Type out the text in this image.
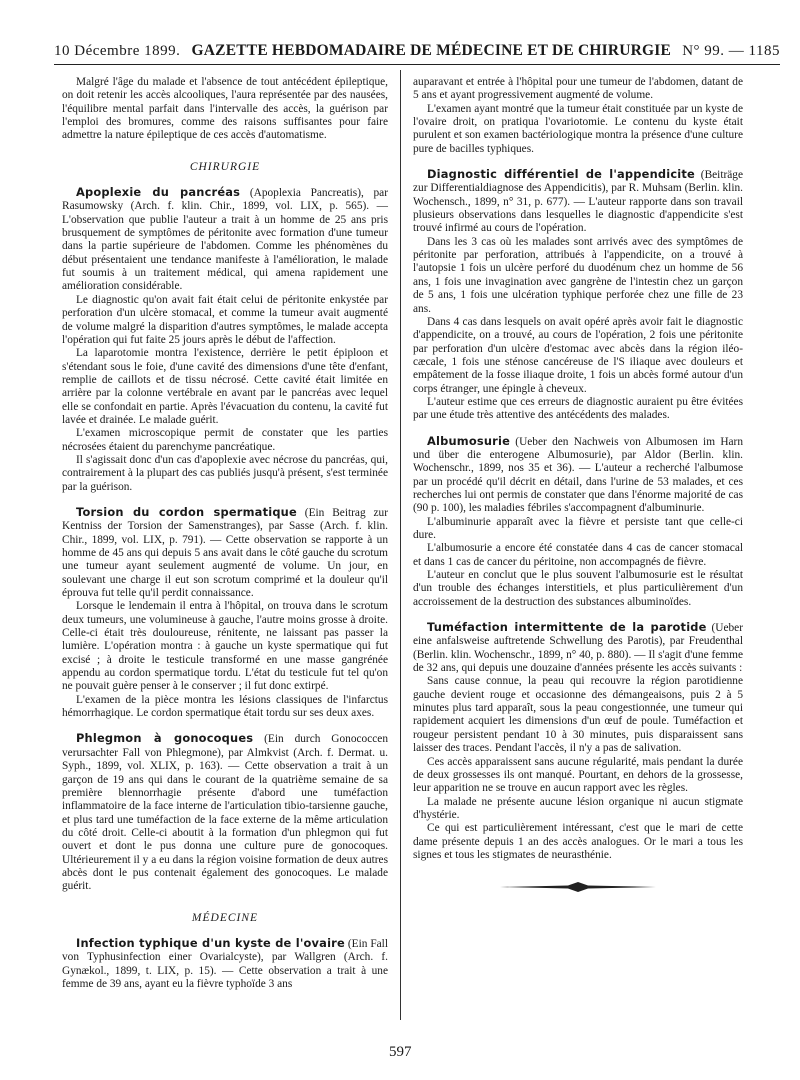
10 Décembre 1899. GAZETTE HEBDOMADAIRE DE MÉDECINE ET DE CHIRURGIE N° 99. — 1185

Malgré l'âge du malade et l'absence de tout antécédent épileptique, on doit retenir les accès alcooliques, l'aura représentée par des nausées, l'équilibre mental parfait dans l'intervalle des accès, la guérison par l'emploi des bromures, comme des raisons suffisantes pour faire admettre la nature épileptique de ces accès d'automatisme.

CHIRURGIE

Apoplexie du pancréas (Apoplexia Pancreatis), par Rasumowsky (Arch. f. klin. Chir., 1899, vol. LIX, p. 565). — L'observation que publie l'auteur a trait à un homme de 25 ans pris brusquement de symptômes de péritonite avec formation d'une tumeur dans la partie supérieure de l'abdomen. Comme les phénomènes du début présentaient une tendance manifeste à l'amélioration, le malade fut soumis à un traitement médical, qui amena rapidement une amélioration considérable.

Le diagnostic qu'on avait fait était celui de péritonite enkystée par perforation d'un ulcère stomacal, et comme la tumeur avait augmenté de volume malgré la disparition d'autres symptômes, le malade accepta l'opération qui fut faite 25 jours après le début de l'affection.

La laparotomie montra l'existence, derrière le petit épiploon et s'étendant sous le foie, d'une cavité des dimensions d'une tête d'enfant, remplie de caillots et de tissu nécrosé. Cette cavité était limitée en arrière par la colonne vertébrale en avant par le pancréas avec lequel elle se confondait en partie. Après l'évacuation du contenu, la cavité fut lavée et drainée. Le malade guérit.

L'examen microscopique permit de constater que les parties nécrosées étaient du parenchyme pancréatique.

Il s'agissait donc d'un cas d'apoplexie avec nécrose du pancréas, qui, contrairement à la plupart des cas publiés jusqu'à présent, s'est terminée par la guérison.

Torsion du cordon spermatique (Ein Beitrag zur Kentniss der Torsion der Samenstranges), par Sasse (Arch. f. klin. Chir., 1899, vol. LIX, p. 791). — Cette observation se rapporte à un homme de 45 ans qui depuis 5 ans avait dans le côté gauche du scrotum une tumeur ayant seulement augmenté de volume. Un jour, en soulevant une charge il eut son scrotum comprimé et la douleur qu'il éprouva fut telle qu'il perdit connaissance.

Lorsque le lendemain il entra à l'hôpital, on trouva dans le scrotum deux tumeurs, une volumineuse à gauche, l'autre moins grosse à droite. Celle-ci était très douloureuse, rénitente, ne laissant pas passer la lumière. L'opération montra : à gauche un kyste spermatique qui fut excisé ; à droite le testicule transformé en une masse gangrénée appendu au cordon spermatique tordu. L'état du testicule fut tel qu'on ne pouvait guère penser à le conserver ; il fut donc extirpé.

L'examen de la pièce montra les lésions classiques de l'infarctus hémorrhagique. Le cordon spermatique était tordu sur ses deux axes.

Phlegmon à gonocoques (Ein durch Gonococcen verursachter Fall von Phlegmone), par Almkvist (Arch. f. Dermat. u. Syph., 1899, vol. XLIX, p. 163). — Cette observation a trait à un garçon de 19 ans qui dans le courant de la quatrième semaine de sa première blennorrhagie présente d'abord une tuméfaction inflammatoire de la face interne de l'articulation tibio-tarsienne gauche, et plus tard une tuméfaction de la face externe de la même articulation du côté droit. Celle-ci aboutit à la formation d'un phlegmon qui fut ouvert et dont le pus donna une culture pure de gonocoques. Ultérieurement il y a eu dans la région voisine formation de deux autres abcès dont le pus contenait également des gonocoques. Le malade guérit.

MÉDECINE

Infection typhique d'un kyste de l'ovaire (Ein Fall von Typhusinfection einer Ovarialcyste), par Wallgren (Arch. f. Gynækol., 1899, t. LIX, p. 15). — Cette observation a trait à une femme de 39 ans, ayant eu la fièvre typhoïde 3 ans

auparavant et entrée à l'hôpital pour une tumeur de l'abdomen, datant de 5 ans et ayant progressivement augmenté de volume.

L'examen ayant montré que la tumeur était constituée par un kyste de l'ovaire droit, on pratiqua l'ovariotomie. Le contenu du kyste était purulent et son examen bactériologique montra la présence d'une culture pure de bacilles typhiques.

Diagnostic différentiel de l'appendicite (Beiträge zur Differentialdiagnose des Appendicitis), par R. Muhsam (Berlin. klin. Wochensch., 1899, n° 31, p. 677). — L'auteur rapporte dans son travail plusieurs observations dans lesquelles le diagnostic d'appendicite s'est trouvé infirmé au cours de l'opération.

Dans les 3 cas où les malades sont arrivés avec des symptômes de péritonite par perforation, attribués à l'appendicite, on a trouvé à l'autopsie 1 fois un ulcère perforé du duodénum chez un homme de 56 ans, 1 fois une invagination avec gangrène de l'intestin chez un garçon de 5 ans, 1 fois une ulcération typhique perforée chez une fille de 23 ans.

Dans 4 cas dans lesquels on avait opéré après avoir fait le diagnostic d'appendicite, on a trouvé, au cours de l'opération, 2 fois une péritonite par perforation d'un ulcère d'estomac avec abcès dans la région iléo-cæcale, 1 fois une sténose cancéreuse de l'S iliaque avec douleurs et empâtement de la fosse iliaque droite, 1 fois un abcès formé autour d'un corps étranger, une épingle à cheveux.

L'auteur estime que ces erreurs de diagnostic auraient pu être évitées par une étude très attentive des antécédents des malades.

Albumosurie (Ueber den Nachweis von Albumosen im Harn und über die enterogene Albumosurie), par Aldor (Berlin. klin. Wochenschr., 1899, nos 35 et 36). — L'auteur a recherché l'albumose par un procédé qu'il décrit en détail, dans l'urine de 53 malades, et ces recherches lui ont permis de constater que dans l'énorme majorité de cas (90 p. 100), les maladies fébriles s'accompagnent d'albuminurie.

L'albuminurie apparaît avec la fièvre et persiste tant que celle-ci dure.

L'albumosurie a encore été constatée dans 4 cas de cancer stomacal et dans 1 cas de cancer du péritoine, non accompagnés de fièvre.

L'auteur en conclut que le plus souvent l'albumosurie est le résultat d'un trouble des échanges interstitiels, et plus particulièrement d'un accroissement de la destruction des substances albuminoïdes.

Tuméfaction intermittente de la parotide (Ueber eine anfalsweise auftretende Schwellung des Parotis), par Freudenthal (Berlin. klin. Wochenschr., 1899, n° 40, p. 880). — Il s'agit d'une femme de 32 ans, qui depuis une douzaine d'années présente les accès suivants :

Sans cause connue, la peau qui recouvre la région parotidienne gauche devient rouge et occasionne des démangeaisons, puis 2 à 5 minutes plus tard apparaît, sous la peau congestionnée, une tumeur qui rapidement acquiert les dimensions d'un œuf de poule. Tuméfaction et rougeur persistent pendant 10 à 30 minutes, puis disparaissent sans laisser des traces. Pendant l'accès, il n'y a pas de salivation.

Ces accès apparaissent sans aucune régularité, mais pendant la durée de deux grossesses ils ont manqué. Pourtant, en dehors de la grossesse, leur apparition ne se trouve en aucun rapport avec les règles.

La malade ne présente aucune lésion organique ni aucun stigmate d'hystérie.

Ce qui est particulièrement intéressant, c'est que le mari de cette dame présente depuis 1 an des accès analogues. Or le mari a tous les signes et tous les stigmates de neurasthénie.

597
